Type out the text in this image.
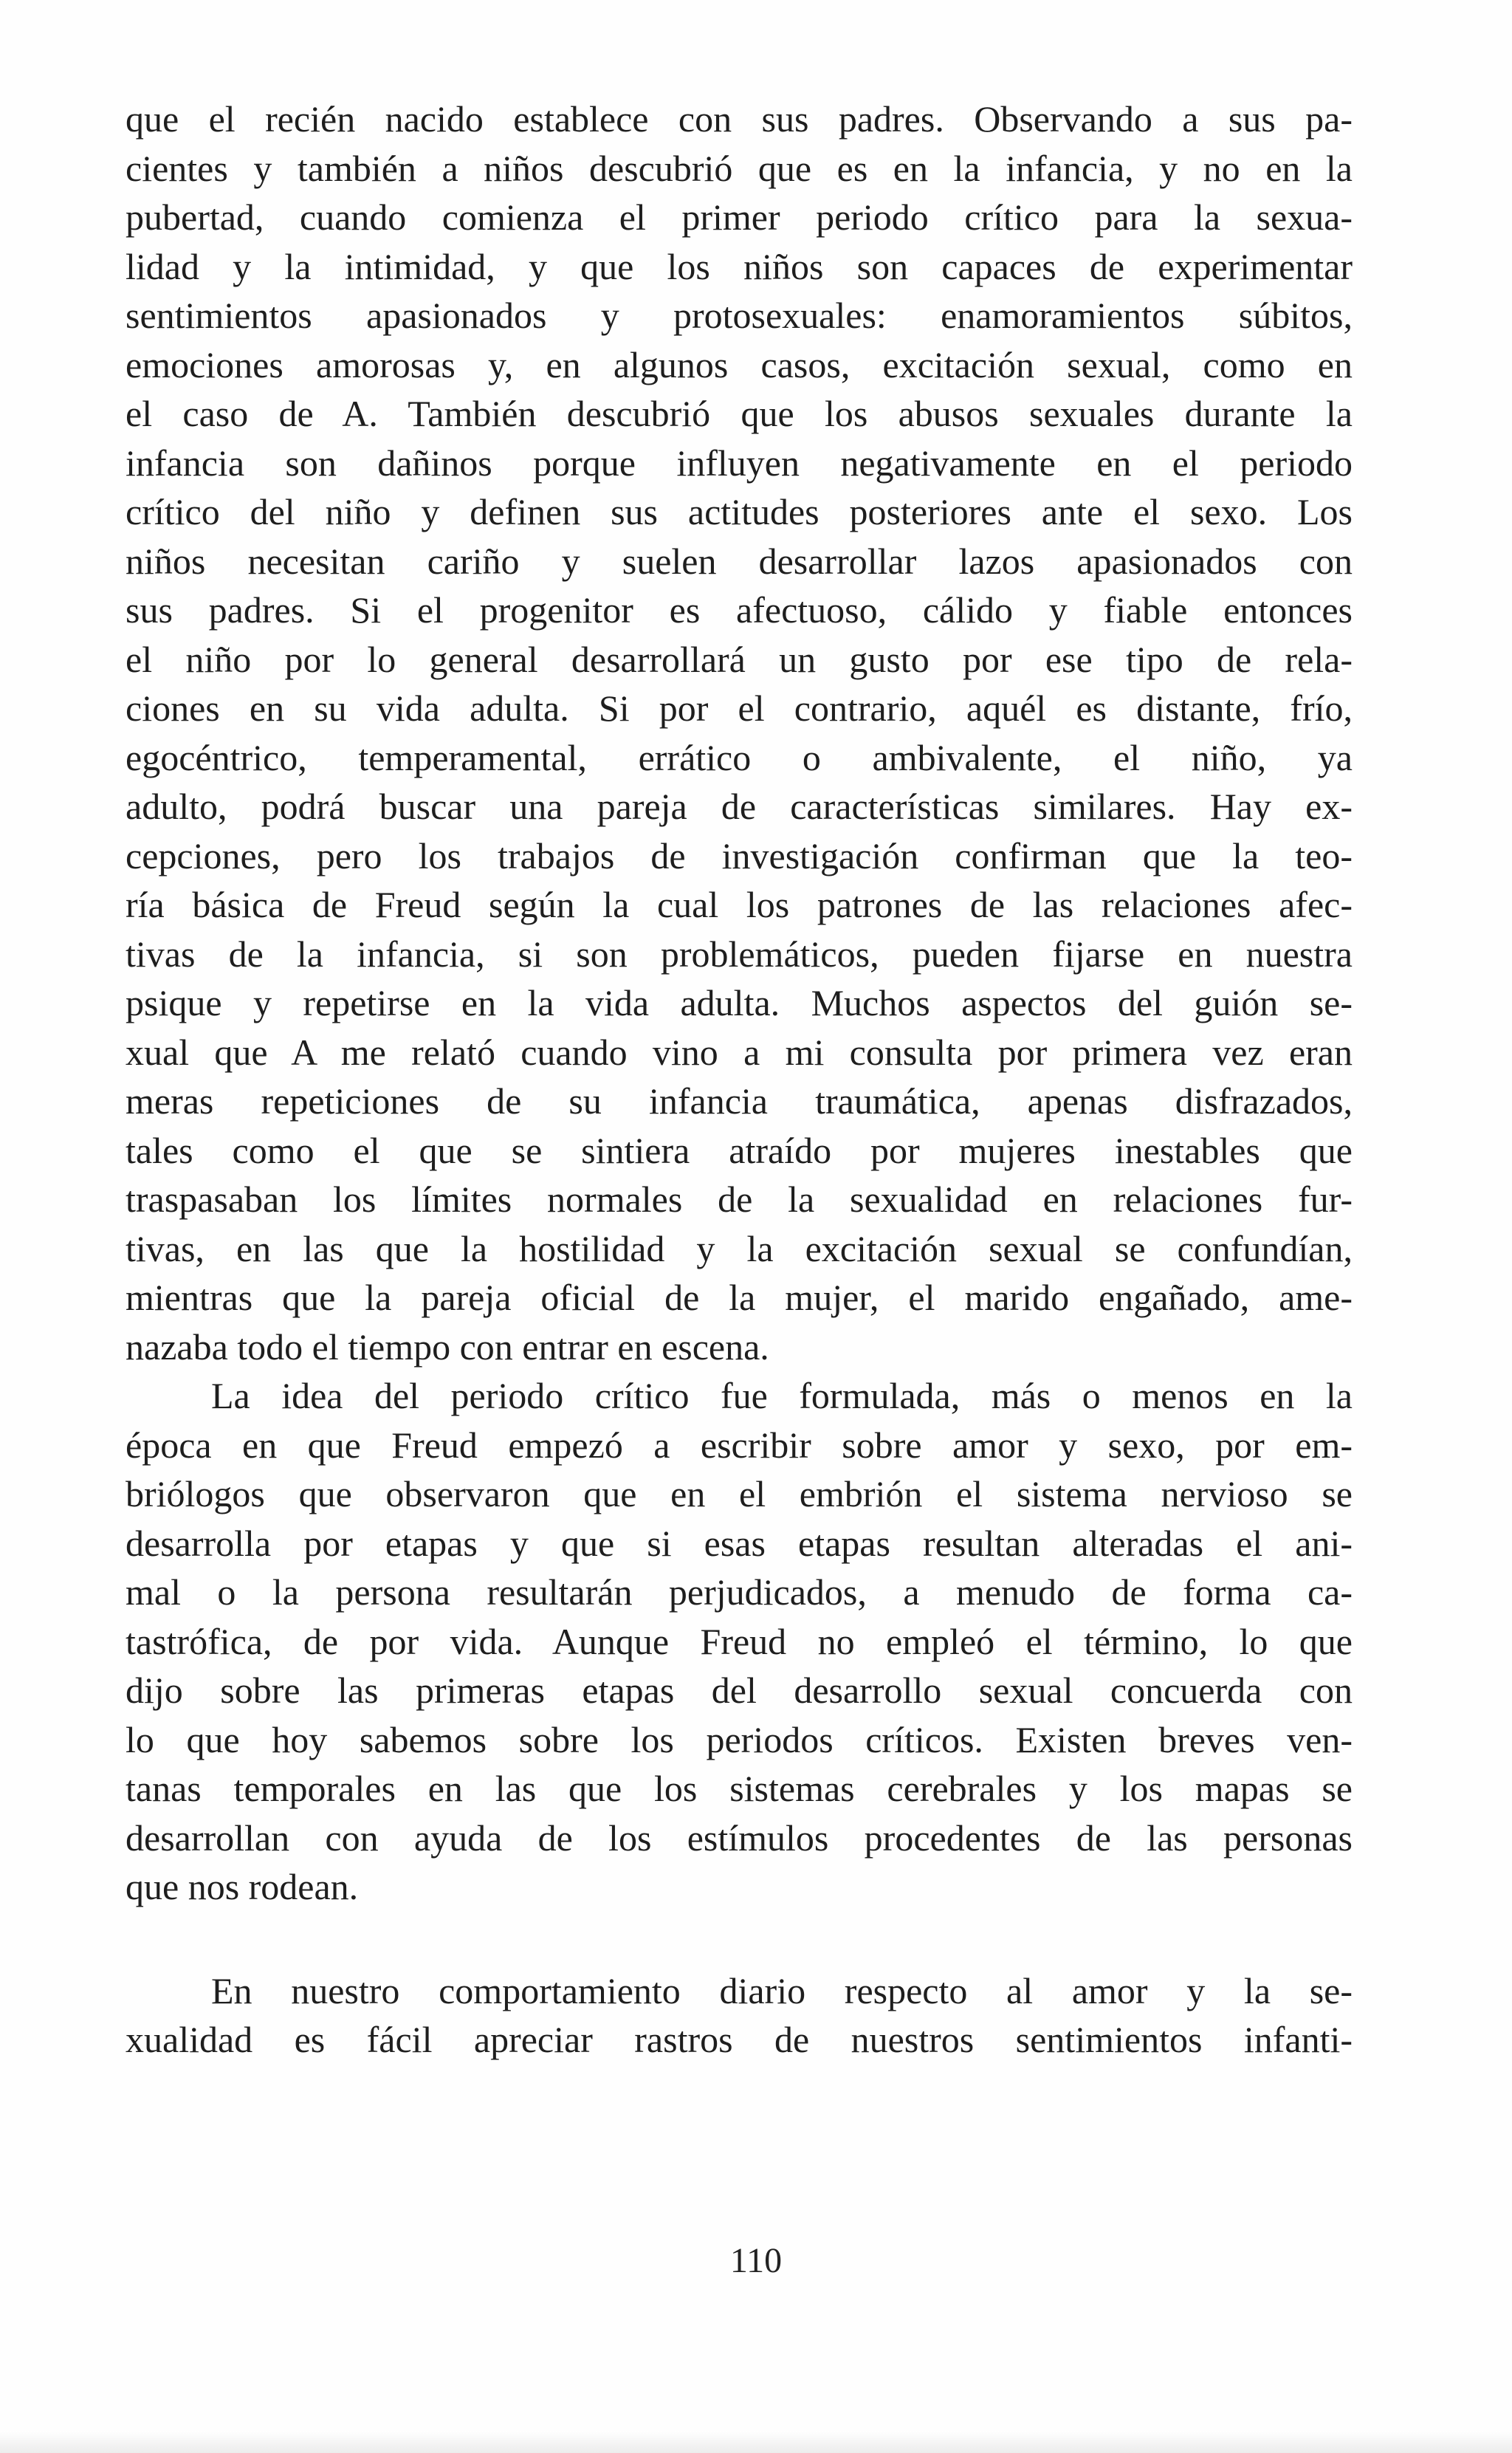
que el recién nacido establece con sus padres. Observando a sus pa-
cientes y también a niños descubrió que es en la infancia, y no en la
pubertad, cuando comienza el primer periodo crítico para la sexua-
lidad y la intimidad, y que los niños son capaces de experimentar
sentimientos apasionados y protosexuales: enamoramientos súbitos,
emociones amorosas y, en algunos casos, excitación sexual, como en
el caso de A. También descubrió que los abusos sexuales durante la
infancia son dañinos porque influyen negativamente en el periodo
crítico del niño y definen sus actitudes posteriores ante el sexo. Los
niños necesitan cariño y suelen desarrollar lazos apasionados con
sus padres. Si el progenitor es afectuoso, cálido y fiable entonces
el niño por lo general desarrollará un gusto por ese tipo de rela-
ciones en su vida adulta. Si por el contrario, aquél es distante, frío,
egocéntrico, temperamental, errático o ambivalente, el niño, ya
adulto, podrá buscar una pareja de características similares. Hay ex-
cepciones, pero los trabajos de investigación confirman que la teo-
ría básica de Freud según la cual los patrones de las relaciones afec-
tivas de la infancia, si son problemáticos, pueden fijarse en nuestra
psique y repetirse en la vida adulta. Muchos aspectos del guión se-
xual que A me relató cuando vino a mi consulta por primera vez eran
meras repeticiones de su infancia traumática, apenas disfrazados,
tales como el que se sintiera atraído por mujeres inestables que
traspasaban los límites normales de la sexualidad en relaciones fur-
tivas, en las que la hostilidad y la excitación sexual se confundían,
mientras que la pareja oficial de la mujer, el marido engañado, ame-
nazaba todo el tiempo con entrar en escena.
La idea del periodo crítico fue formulada, más o menos en la
época en que Freud empezó a escribir sobre amor y sexo, por em-
briólogos que observaron que en el embrión el sistema nervioso se
desarrolla por etapas y que si esas etapas resultan alteradas el ani-
mal o la persona resultarán perjudicados, a menudo de forma ca-
tastrófica, de por vida. Aunque Freud no empleó el término, lo que
dijo sobre las primeras etapas del desarrollo sexual concuerda con
lo que hoy sabemos sobre los periodos críticos. Existen breves ven-
tanas temporales en las que los sistemas cerebrales y los mapas se
desarrollan con ayuda de los estímulos procedentes de las personas
que nos rodean.
En nuestro comportamiento diario respecto al amor y la se-
xualidad es fácil apreciar rastros de nuestros sentimientos infanti-
110
